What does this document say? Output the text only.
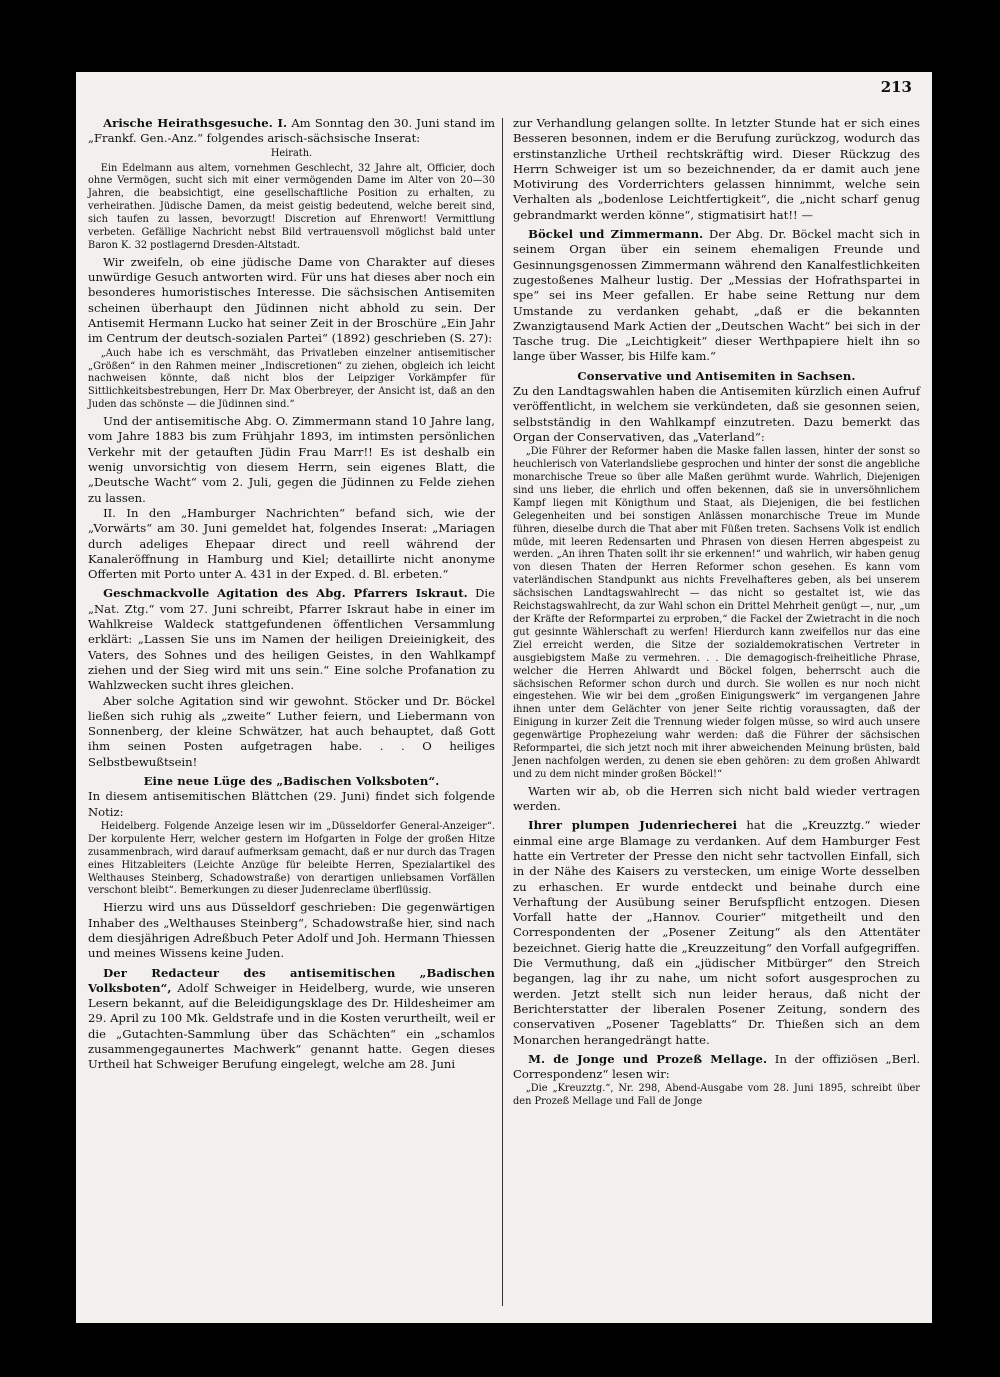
213

Arische Heirathsgesuche. I. Am Sonntag den 30. Juni stand im „Frankf. Gen.-Anz.“ folgendes arisch-sächsische Inserat:

Heirath.
Ein Edelmann aus altem, vornehmen Geschlecht, 32 Jahre alt, Officier, doch ohne Vermögen, sucht sich mit einer vermögenden Dame im Alter von 20—30 Jahren, die beabsichtigt, eine gesellschaftliche Position zu erhalten, zu verheirathen. Jüdische Damen, da meist geistig bedeutend, welche bereit sind, sich taufen zu lassen, bevorzugt! Discretion auf Ehrenwort! Vermittlung verbeten. Gefällige Nachricht nebst Bild vertrauensvoll möglichst bald unter Baron K. 32 postlagernd Dresden-Altstadt.

Wir zweifeln, ob eine jüdische Dame von Charakter auf dieses unwürdige Gesuch antworten wird. Für uns hat dieses aber noch ein besonderes humoristisches Interesse. Die sächsischen Antisemiten scheinen überhaupt den Jüdinnen nicht abhold zu sein. Der Antisemit Hermann Lucko hat seiner Zeit in der Broschüre „Ein Jahr im Centrum der deutsch-sozialen Partei“ (1892) geschrieben (S. 27):

„Auch habe ich es verschmäht, das Privatleben einzelner antisemitischer „Größen“ in den Rahmen meiner „Indiscretionen“ zu ziehen, obgleich ich leicht nachweisen könnte, daß nicht blos der Leipziger Vorkämpfer für Sittlichkeitsbestrebungen, Herr Dr. Max Oberbreyer, der Ansicht ist, daß an den Juden das schönste — die Jüdinnen sind.“

Und der antisemitische Abg. O. Zimmermann stand 10 Jahre lang, vom Jahre 1883 bis zum Frühjahr 1893, im intimsten persönlichen Verkehr mit der getauften Jüdin Frau Marr!! Es ist deshalb ein wenig unvorsichtig von diesem Herrn, sein eigenes Blatt, die „Deutsche Wacht“ vom 2. Juli, gegen die Jüdinnen zu Felde ziehen zu lassen.

II. In den „Hamburger Nachrichten“ befand sich, wie der „Vorwärts“ am 30. Juni gemeldet hat, folgendes Inserat: „Mariagen durch adeliges Ehepaar direct und reell während der Kanaleröffnung in Hamburg und Kiel; detaillirte nicht anonyme Offerten mit Porto unter A. 431 in der Exped. d. Bl. erbeten.“

Geschmackvolle Agitation des Abg. Pfarrers Iskraut. Die „Nat. Ztg.“ vom 27. Juni schreibt, Pfarrer Iskraut habe in einer im Wahlkreise Waldeck stattgefundenen öffentlichen Versammlung erklärt: „Lassen Sie uns im Namen der heiligen Dreieinigkeit, des Vaters, des Sohnes und des heiligen Geistes, in den Wahlkampf ziehen und der Sieg wird mit uns sein.“ Eine solche Profanation zu Wahlzwecken sucht ihres gleichen.

Aber solche Agitation sind wir gewohnt. Stöcker und Dr. Böckel ließen sich ruhig als „zweite“ Luther feiern, und Liebermann von Sonnenberg, der kleine Schwätzer, hat auch behauptet, daß Gott ihm seinen Posten aufgetragen habe. . . O heiliges Selbstbewußtsein!

Eine neue Lüge des „Badischen Volksboten“.

In diesem antisemitischen Blättchen (29. Juni) findet sich folgende Notiz:

Heidelberg. Folgende Anzeige lesen wir im „Düsseldorfer General-Anzeiger“. Der korpulente Herr, welcher gestern im Hofgarten in Folge der großen Hitze zusammenbrach, wird darauf aufmerksam gemacht, daß er nur durch das Tragen eines Hitzableiters (Leichte Anzüge für beleibte Herren, Spezialartikel des Welthauses Steinberg, Schadowstraße) von derartigen unliebsamen Vorfällen verschont bleibt“. Bemerkungen zu dieser Judenreclame überflüssig.

Hierzu wird uns aus Düsseldorf geschrieben: Die gegenwärtigen Inhaber des „Welthauses Steinberg“, Schadowstraße hier, sind nach dem diesjährigen Adreßbuch Peter Adolf und Joh. Hermann Thiessen und meines Wissens keine Juden.

Der Redacteur des antisemitischen „Badischen Volksboten“, Adolf Schweiger in Heidelberg, wurde, wie unseren Lesern bekannt, auf die Beleidigungsklage des Dr. Hildesheimer am 29. April zu 100 Mk. Geldstrafe und in die Kosten verurtheilt, weil er die „Gutachten-Sammlung über das Schächten“ ein „schamlos zusammengegaunertes Machwerk“ genannt hatte. Gegen dieses Urtheil hat Schweiger Berufung eingelegt, welche am 28. Juni

zur Verhandlung gelangen sollte. In letzter Stunde hat er sich eines Besseren besonnen, indem er die Berufung zurückzog, wodurch das erstinstanzliche Urtheil rechtskräftig wird. Dieser Rückzug des Herrn Schweiger ist um so bezeichnender, da er damit auch jene Motivirung des Vorderrichters gelassen hinnimmt, welche sein Verhalten als „bodenlose Leichtfertigkeit“, die „nicht scharf genug gebrandmarkt werden könne“, stigmatisirt hat!! —

Böckel und Zimmermann. Der Abg. Dr. Böckel macht sich in seinem Organ über ein seinem ehemaligen Freunde und Gesinnungsgenossen Zimmermann während den Kanalfestlichkeiten zugestoßenes Malheur lustig. Der „Messias der Hofrathspartei in spe“ sei ins Meer gefallen. Er habe seine Rettung nur dem Umstande zu verdanken gehabt, „daß er die bekannten Zwanzigtausend Mark Actien der „Deutschen Wacht“ bei sich in der Tasche trug. Die „Leichtigkeit“ dieser Werthpapiere hielt ihn so lange über Wasser, bis Hilfe kam.“

Conservative und Antisemiten in Sachsen.

Zu den Landtagswahlen haben die Antisemiten kürzlich einen Aufruf veröffentlicht, in welchem sie verkündeten, daß sie gesonnen seien, selbstständig in den Wahlkampf einzutreten. Dazu bemerkt das Organ der Conservativen, das „Vaterland“:

„Die Führer der Reformer haben die Maske fallen lassen, hinter der sonst so heuchlerisch von Vaterlandsliebe gesprochen und hinter der sonst die angebliche monarchische Treue so über alle Maßen gerühmt wurde. Wahrlich, Diejenigen sind uns lieber, die ehrlich und offen bekennen, daß sie in unversöhnlichem Kampf liegen mit Königthum und Staat, als Diejenigen, die bei festlichen Gelegenheiten und bei sonstigen Anlässen monarchische Treue im Munde führen, dieselbe durch die That aber mit Füßen treten. Sachsens Volk ist endlich müde, mit leeren Redensarten und Phrasen von diesen Herren abgespeist zu werden. „An ihren Thaten sollt ihr sie erkennen!“ und wahrlich, wir haben genug von diesen Thaten der Herren Reformer schon gesehen. Es kann vom vaterländischen Standpunkt aus nichts Frevelhafteres geben, als bei unserem sächsischen Landtagswahlrecht — das nicht so gestaltet ist, wie das Reichstagswahlrecht, da zur Wahl schon ein Drittel Mehrheit genügt —, nur, „um der Kräfte der Reformpartei zu erproben,“ die Fackel der Zwietracht in die noch gut gesinnte Wählerschaft zu werfen! Hierdurch kann zweifellos nur das eine Ziel erreicht werden, die Sitze der sozialdemokratischen Vertreter in ausgiebigstem Maße zu vermehren. . . Die demagogisch-freiheitliche Phrase, welcher die Herren Ahlwardt und Böckel folgen, beherrscht auch die sächsischen Reformer schon durch und durch. Sie wollen es nur noch nicht eingestehen. Wie wir bei dem „großen Einigungswerk“ im vergangenen Jahre ihnen unter dem Gelächter von jener Seite richtig voraussagten, daß der Einigung in kurzer Zeit die Trennung wieder folgen müsse, so wird auch unsere gegenwärtige Prophezeiung wahr werden: daß die Führer der sächsischen Reformpartei, die sich jetzt noch mit ihrer abweichenden Meinung brüsten, bald Jenen nachfolgen werden, zu denen sie eben gehören: zu dem großen Ahlwardt und zu dem nicht minder großen Böckel!“

Warten wir ab, ob die Herren sich nicht bald wieder vertragen werden.

Ihrer plumpen Judenriecherei hat die „Kreuzztg.“ wieder einmal eine arge Blamage zu verdanken. Auf dem Hamburger Fest hatte ein Vertreter der Presse den nicht sehr tactvollen Einfall, sich in der Nähe des Kaisers zu verstecken, um einige Worte desselben zu erhaschen. Er wurde entdeckt und beinahe durch eine Verhaftung der Ausübung seiner Berufspflicht entzogen. Diesen Vorfall hatte der „Hannov. Courier“ mitgetheilt und den Correspondenten der „Posener Zeitung“ als den Attentäter bezeichnet. Gierig hatte die „Kreuzzeitung“ den Vorfall aufgegriffen. Die Vermuthung, daß ein „jüdischer Mitbürger“ den Streich begangen, lag ihr zu nahe, um nicht sofort ausgesprochen zu werden. Jetzt stellt sich nun leider heraus, daß nicht der Berichterstatter der liberalen Posener Zeitung, sondern des conservativen „Posener Tageblatts“ Dr. Thießen sich an dem Monarchen herangedrängt hatte.

M. de Jonge und Prozeß Mellage. In der offiziösen „Berl. Correspondenz“ lesen wir:

„Die „Kreuzztg.“, Nr. 298, Abend-Ausgabe vom 28. Juni 1895, schreibt über den Prozeß Mellage und Fall de Jonge
